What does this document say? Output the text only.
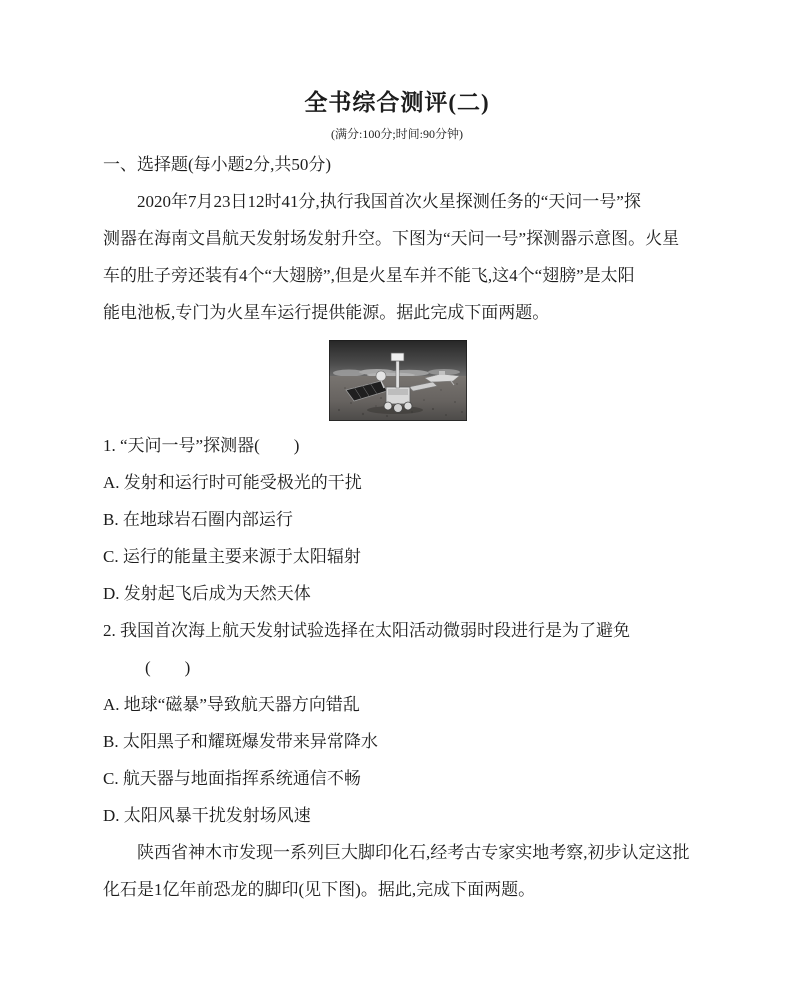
全书综合测评(二)
(满分:100分;时间:90分钟)
一、选择题(每小题2分,共50分)
2020年7月23日12时41分,执行我国首次火星探测任务的“天问一号”探
测器在海南文昌航天发射场发射升空。下图为“天问一号”探测器示意图。火星
车的肚子旁还装有4个“大翅膀”,但是火星车并不能飞,这4个“翅膀”是太阳
能电池板,专门为火星车运行提供能源。据此完成下面两题。
1. “天问一号”探测器(　　)
A. 发射和运行时可能受极光的干扰
B. 在地球岩石圈内部运行
C. 运行的能量主要来源于太阳辐射
D. 发射起飞后成为天然天体
2. 我国首次海上航天发射试验选择在太阳活动微弱时段进行是为了避免
(　　)
A. 地球“磁暴”导致航天器方向错乱
B. 太阳黑子和耀斑爆发带来异常降水
C. 航天器与地面指挥系统通信不畅
D. 太阳风暴干扰发射场风速
陕西省神木市发现一系列巨大脚印化石,经考古专家实地考察,初步认定这批
化石是1亿年前恐龙的脚印(见下图)。据此,完成下面两题。
